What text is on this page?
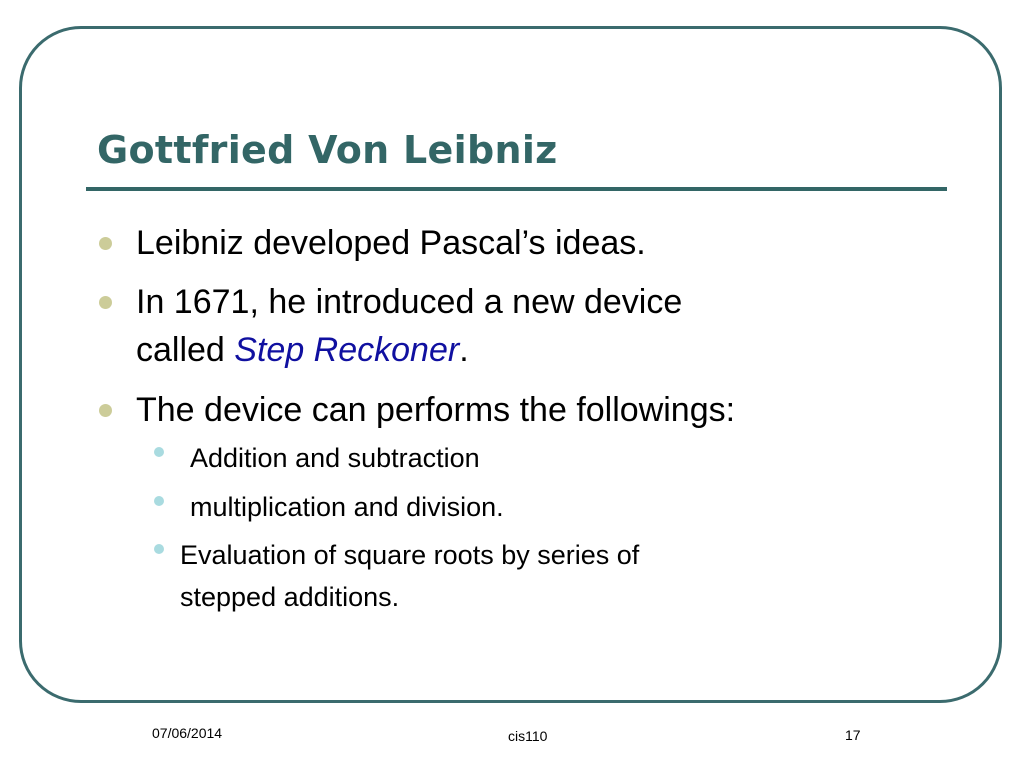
Gottfried Von Leibniz
Leibniz developed Pascal’s ideas.
In 1671, he introduced a new device
called Step Reckoner.
The device can performs the followings:
Addition and subtraction
multiplication and division.
Evaluation of square roots by series of
stepped additions.
07/06/2014	cis110	17
